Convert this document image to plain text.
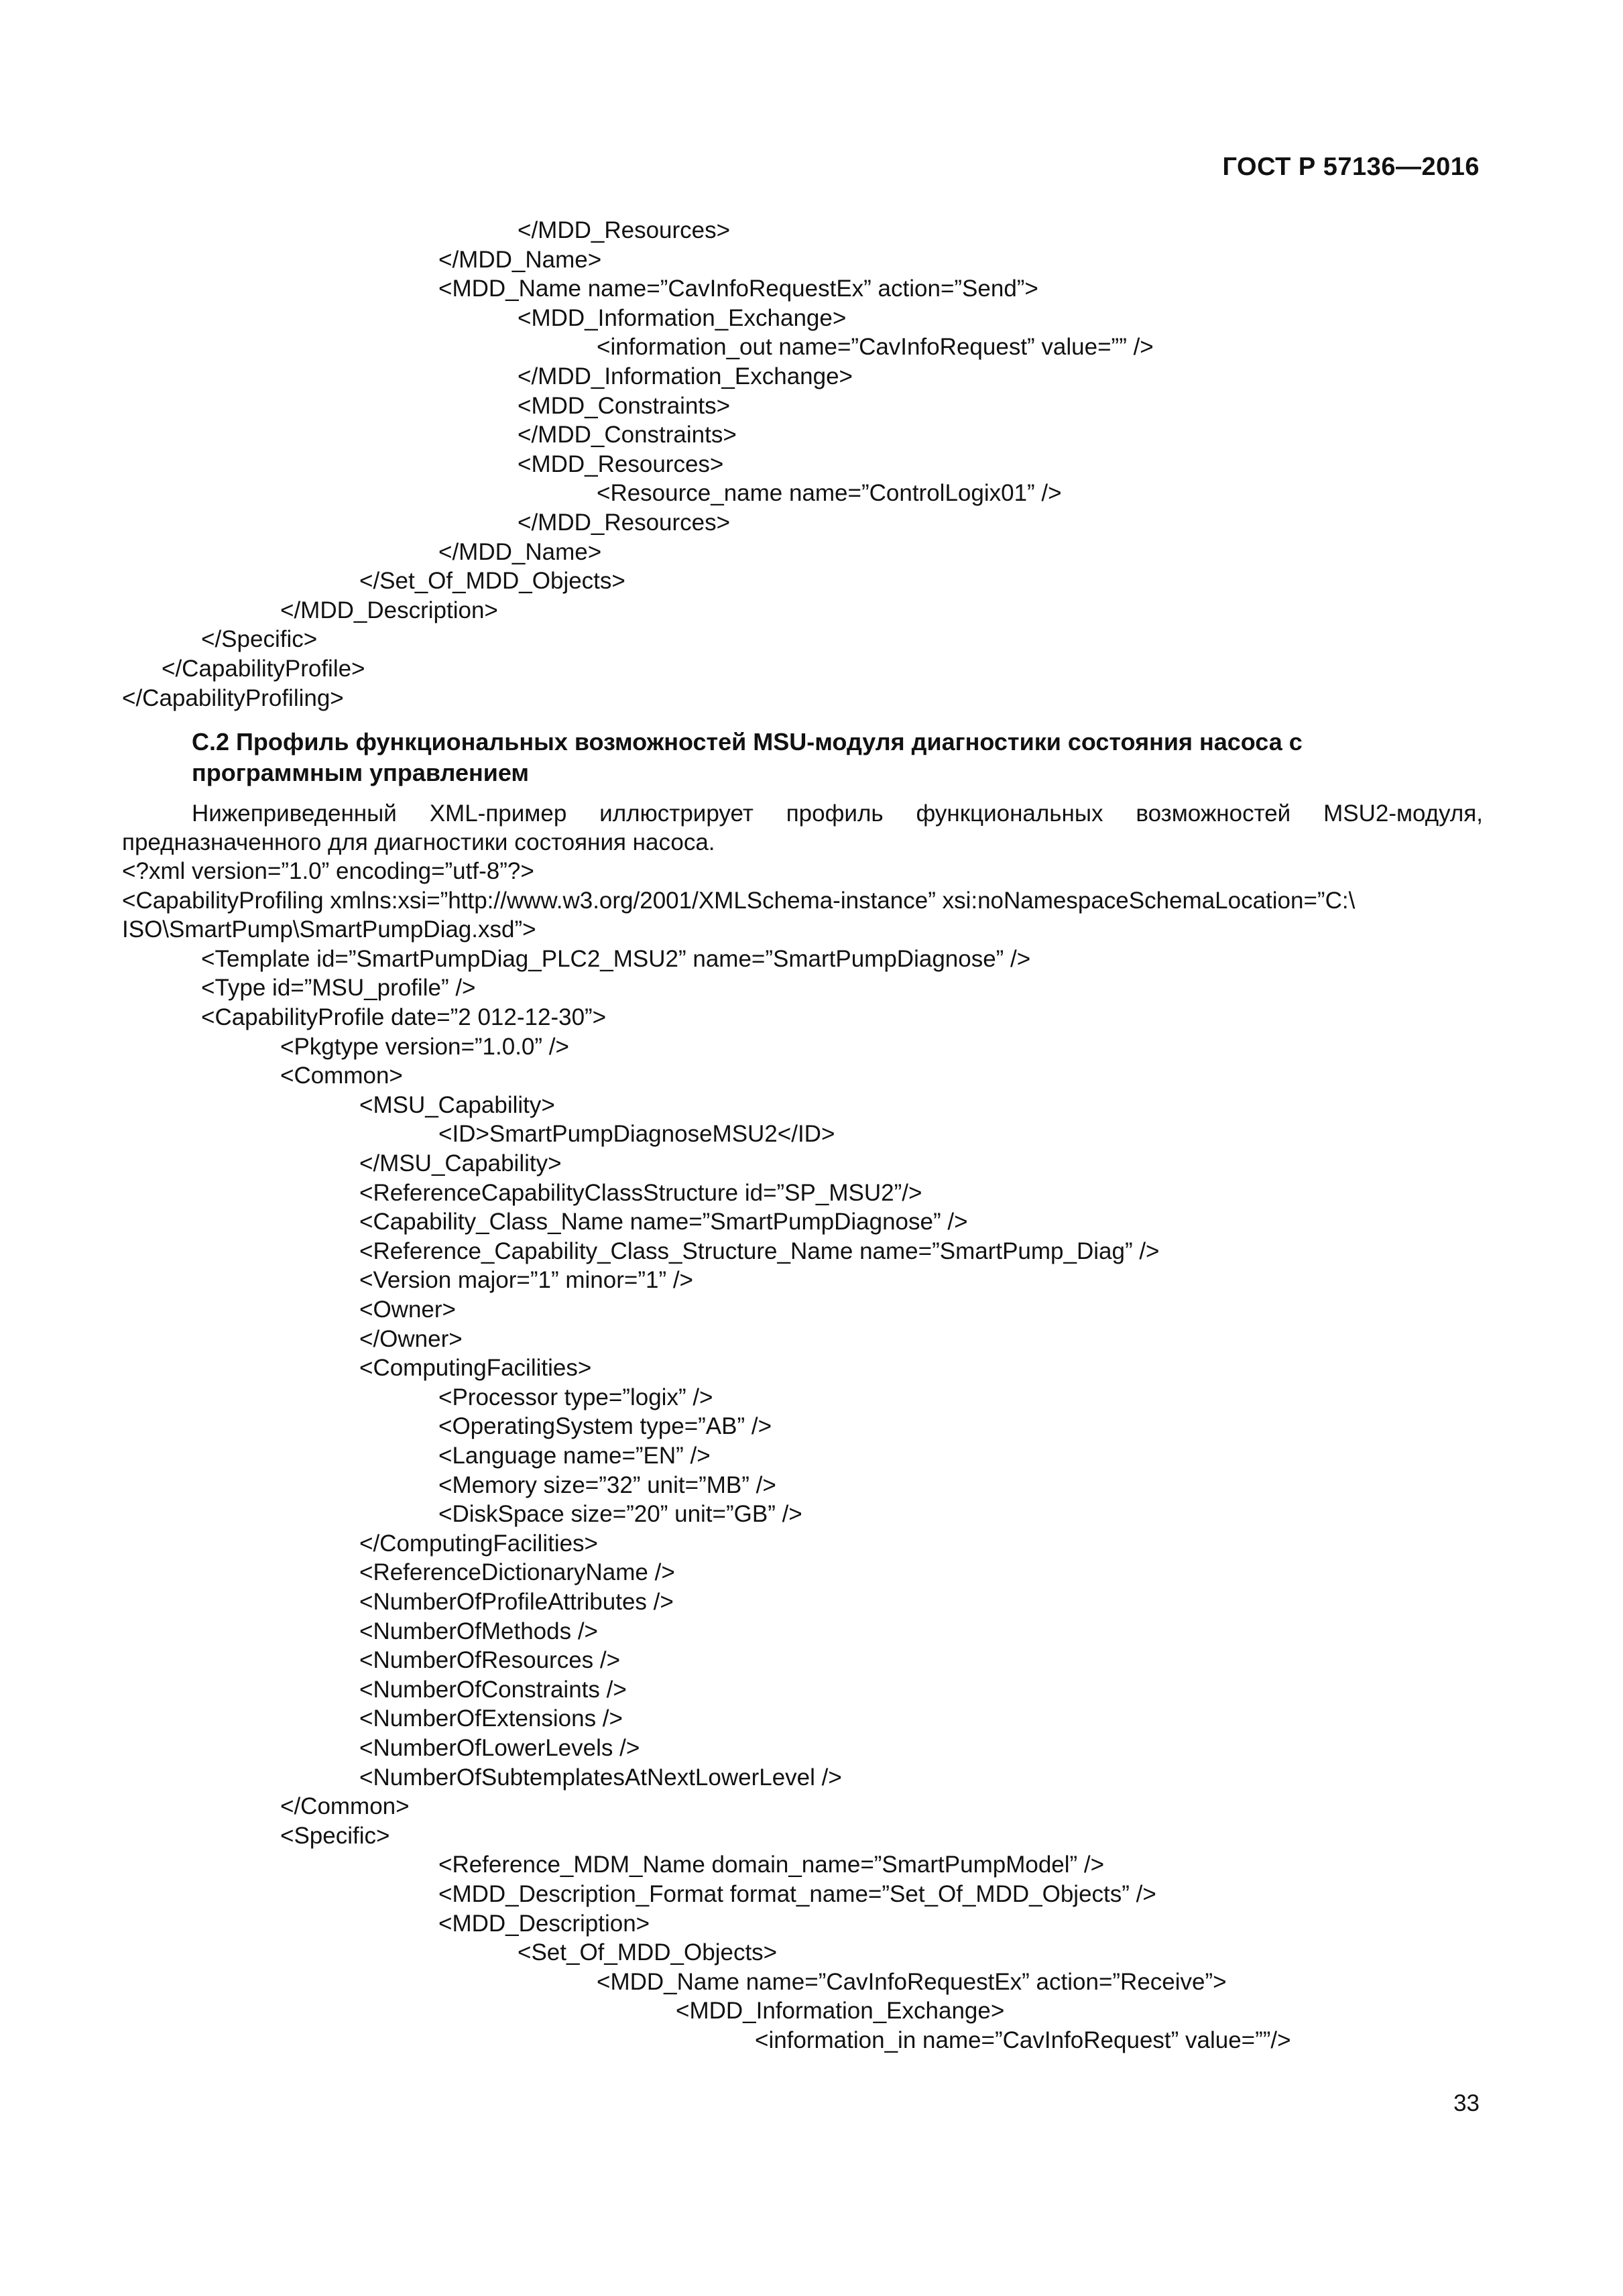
ГОСТ Р 57136—2016
</MDD_Resources>
</MDD_Name>
<MDD_Name name=”CavInfoRequestEx” action=”Send”>
<MDD_Information_Exchange>
<information_out name=”CavInfoRequest” value=”” />
</MDD_Information_Exchange>
<MDD_Constraints>
</MDD_Constraints>
<MDD_Resources>
<Resource_name name=”ControlLogix01” />
</MDD_Resources>
</MDD_Name>
</Set_Of_MDD_Objects>
</MDD_Description>
</Specific>
</CapabilityProfile>
</CapabilityProfiling>
С.2 Профиль функциональных возможностей MSU-модуля диагностики состояния насоса с
программным управлением
Нижеприведенный XML-пример иллюстрирует профиль функциональных возможностей MSU2-модуля, предназначенного для диагностики состояния насоса.
<?xml version=”1.0” encoding=”utf-8”?>
<CapabilityProfiling xmlns:xsi=”http://www.w3.org/2001/XMLSchema-instance” xsi:noNamespaceSchemaLocation=”C:\
ISO\SmartPump\SmartPumpDiag.xsd”>
<Template id=”SmartPumpDiag_PLC2_MSU2” name=”SmartPumpDiagnose” />
<Type id=”MSU_profile” />
<CapabilityProfile date=”2 012-12-30”>
<Pkgtype version=”1.0.0” />
<Common>
<MSU_Capability>
<ID>SmartPumpDiagnoseMSU2</ID>
</MSU_Capability>
<ReferenceCapabilityClassStructure id=”SP_MSU2”/>
<Capability_Class_Name name=”SmartPumpDiagnose” />
<Reference_Capability_Class_Structure_Name name=”SmartPump_Diag” />
<Version major=”1” minor=”1” />
<Owner>
</Owner>
<ComputingFacilities>
<Processor type=”logix” />
<OperatingSystem type=”AB” />
<Language name=”EN” />
<Memory size=”32” unit=”MB” />
<DiskSpace size=”20” unit=”GB” />
</ComputingFacilities>
<ReferenceDictionaryName />
<NumberOfProfileAttributes />
<NumberOfMethods />
<NumberOfResources />
<NumberOfConstraints />
<NumberOfExtensions />
<NumberOfLowerLevels />
<NumberOfSubtemplatesAtNextLowerLevel />
</Common>
<Specific>
<Reference_MDM_Name domain_name=”SmartPumpModel” />
<MDD_Description_Format format_name=”Set_Of_MDD_Objects” />
<MDD_Description>
<Set_Of_MDD_Objects>
<MDD_Name name=”CavInfoRequestEx” action=”Receive”>
<MDD_Information_Exchange>
<information_in name=”CavInfoRequest” value=””/>
33
